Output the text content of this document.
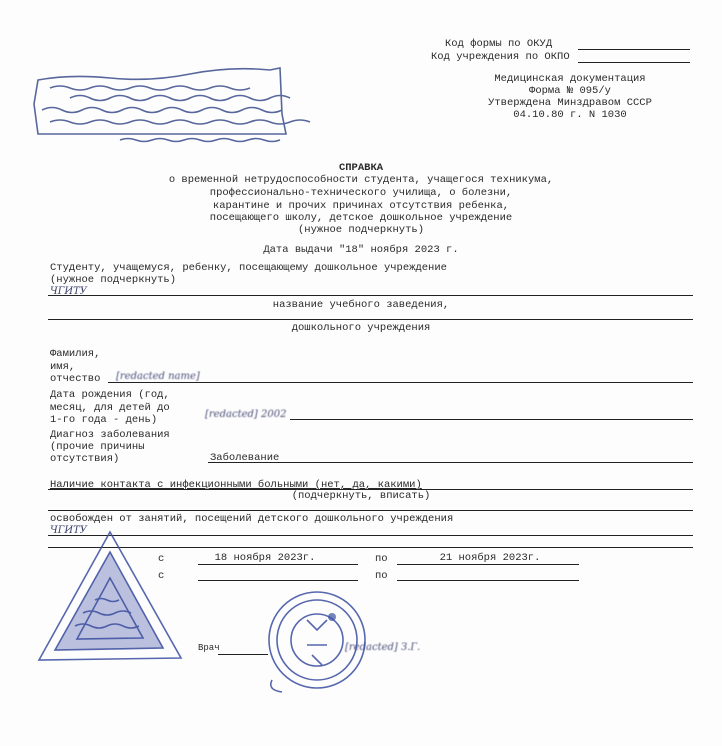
Код формы по ОКУД
Код учреждения по ОКПО
Медицинская документация
Форма № 095/у
Утверждена Минздравом СССР
04.10.80 г. N 1030
СПРАВКА
о временной нетрудоспособности студента, учащегося техникума,
профессионально-технического училища, о болезни,
карантине и прочих причинах отсутствия ребенка,
посещающего школу, детское дошкольное учреждение
(нужное подчеркнуть)
Дата выдачи "18" ноября 2023 г.
Студенту, учащемуся, ребенку, посещающему дошкольное учреждение
(нужное подчеркнуть)
ЧГИТУ
название учебного заведения,
дошкольного учреждения
Фамилия,
имя,
отчество [redacted name]
Дата рождения (год,
месяц, для детей до
1-го года - день)	[redacted] 2002
Диагноз заболевания
(прочие причины
отсутствия)	Заболевание
Наличие контакта с инфекционными больными (нет, да, какими)
(подчеркнуть, вписать)
освобожден от занятий, посещений детского дошкольного учреждения
ЧГИТУ
с	18 ноября 2023г.	по	21 ноября 2023г.
с	по
Врач	[redacted] З.Г.
